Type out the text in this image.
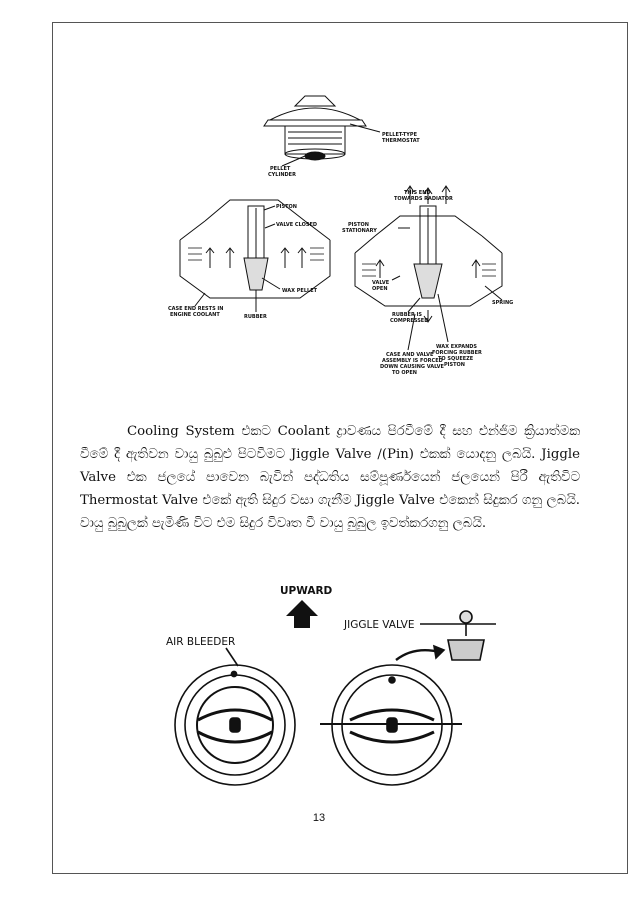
PELLET-TYPE
THERMOSTAT
PELLET
CYLINDER
PISTON
VALVE CLOSED
WAX PELLET
CASE END RESTS IN
ENGINE COOLANT	RUBBER
THIS END
TOWARDS RADIATOR
PISTON
STATIONARY
VALVE
OPEN
SPRING
RUBBER IS
COMPRESSED
CASE AND VALVE
ASSEMBLY IS FORCED
DOWN CAUSING VALVE
TO OPEN
WAX EXPANDS
FORCING RUBBER
TO SQUEEZE
PISTON

Cooling System එකට Coolant ද්‍රාවණය පිරවීමේ දී සහ එන්ජිම ක්‍රියාත්මක වීමේ දී ඇතිවන වායු බුබුළු පිටවීමට Jiggle Valve /(Pin) එකක් යොදනු ලබයි. Jiggle Valve එක ජලයේ පාවෙන බැවින් පද්ධතිය සම්පූර්ණයෙන් ජලයෙන් පිරී ඇතිවිට Thermostat Valve එකේ ඇති සිදුර වසා ගැනීම Jiggle Valve එකෙන් සිදුකර ගනු ලබයි. වායු බුබුලක් පැමිණි විට එම සිදුර විවෘත වී වායු බුබුල ඉවත්කරගනු ලබයි.

UPWARD
JIGGLE VALVE
AIR BLEEDER
13
